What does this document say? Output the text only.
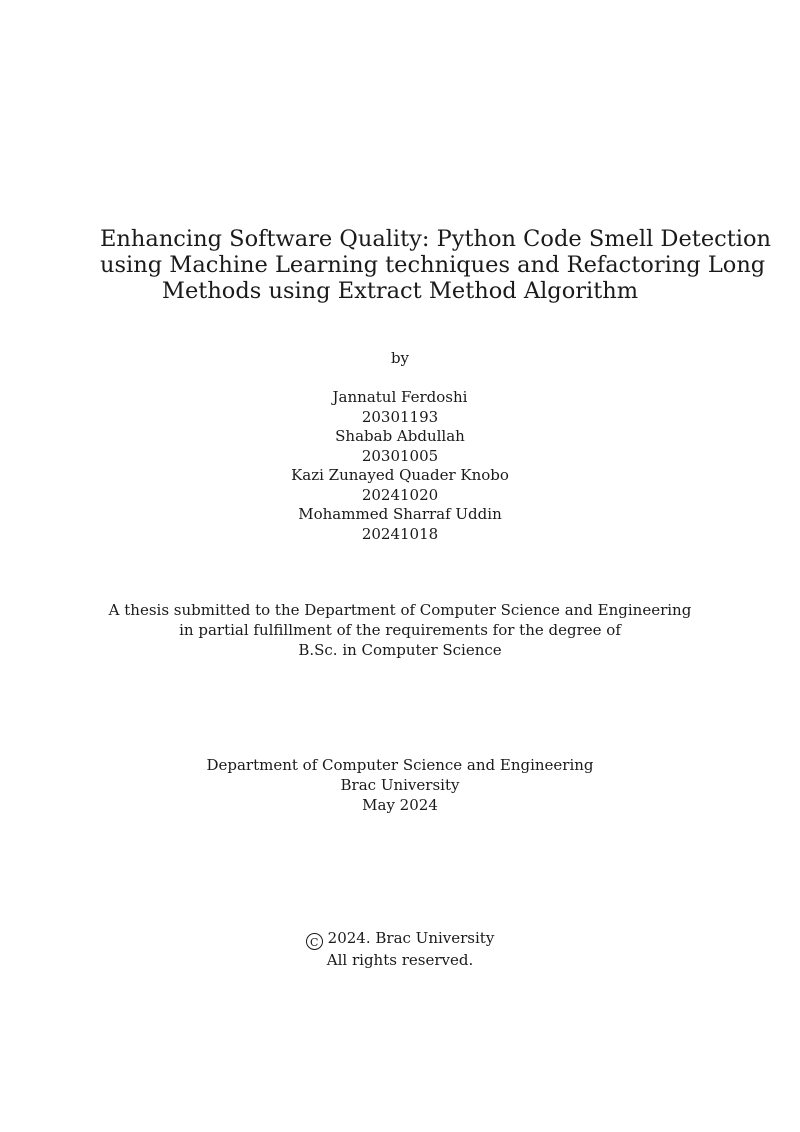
Enhancing Software Quality: Python Code Smell Detection
using Machine Learning techniques and Refactoring Long
Methods using Extract Method Algorithm
by
Jannatul Ferdoshi
20301193
Shabab Abdullah
20301005
Kazi Zunayed Quader Knobo
20241020
Mohammed Sharraf Uddin
20241018
A thesis submitted to the Department of Computer Science and Engineering
in partial fulfillment of the requirements for the degree of
B.Sc. in Computer Science
Department of Computer Science and Engineering
Brac University
May 2024
C 2024. Brac University
All rights reserved.
